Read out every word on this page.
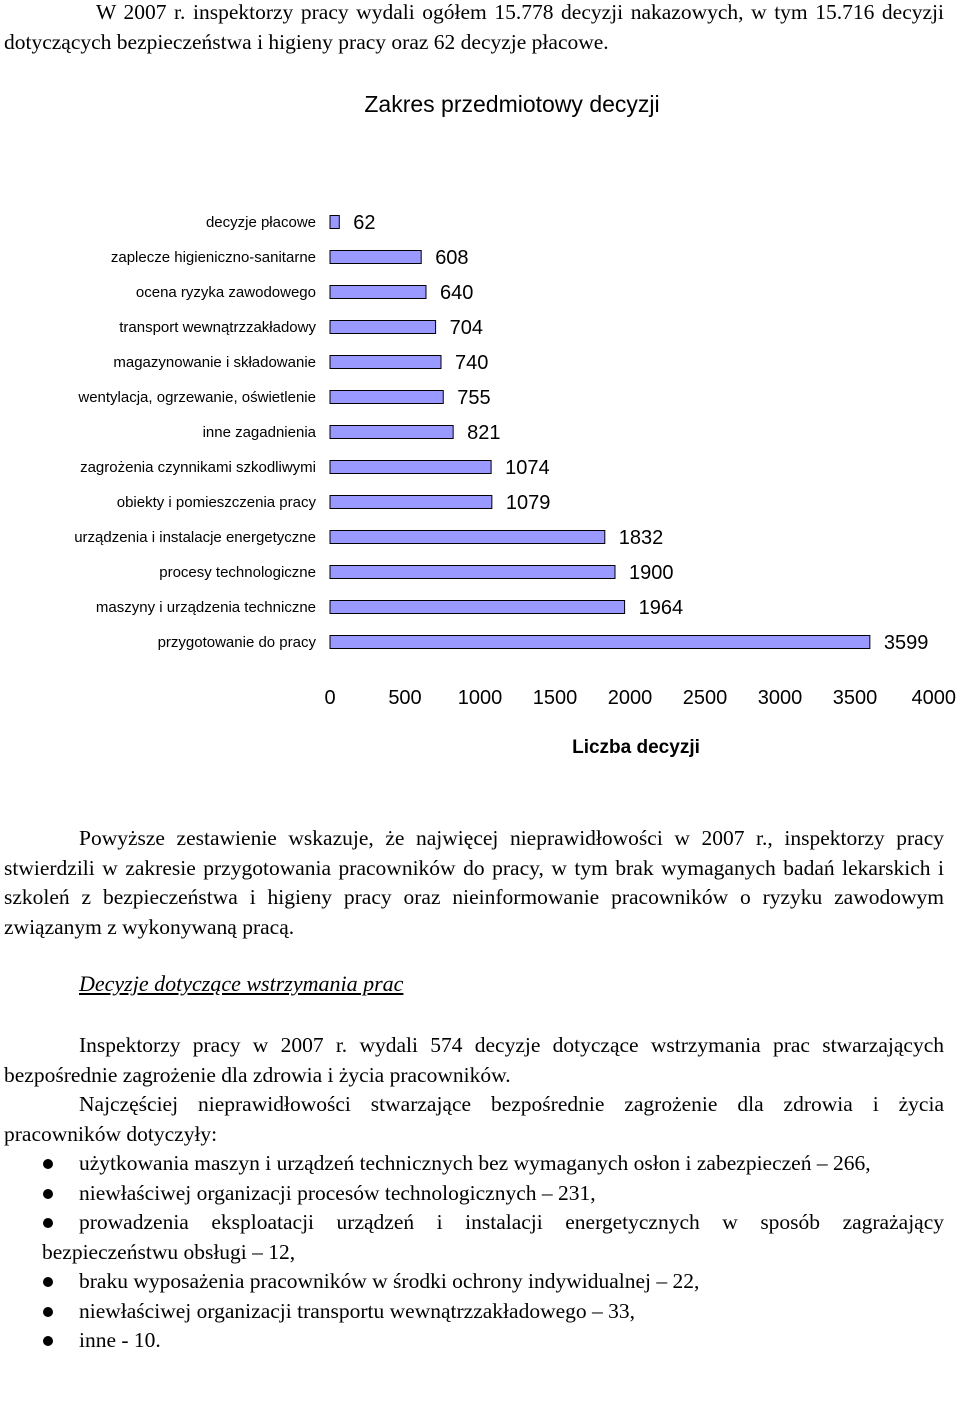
W 2007 r. inspektorzy pracy wydali ogółem 15.778 decyzji nakazowych, w tym 15.716 decyzji dotyczących bezpieczeństwa i higieny pracy oraz 62 decyzje płacowe.

Zakres przedmiotowy decyzji
decyzje płacowe
zaplecze higieniczno-sanitarne
ocena ryzyka zawodowego
transport wewnątrzzakładowy
magazynowanie i składowanie
wentylacja, ogrzewanie, oświetlenie
inne zagadnienia
zagrożenia czynnikami szkodliwymi
obiekty i pomieszczenia pracy
urządzenia i instalacje energetyczne
procesy technologiczne
maszyny i urządzenia techniczne
przygotowanie do pracy
62
608
640
704
740
755
821
1074
1079
1832
1900
1964
3599
0	500 1000 1500 2000 2500 3000 3500 4000
Liczba decyzji

Powyższe zestawienie wskazuje, że najwięcej nieprawidłowości w 2007 r., inspektorzy pracy stwierdzili w zakresie przygotowania pracowników do pracy, w tym brak wymaganych badań lekarskich i szkoleń z bezpieczeństwa i higieny pracy oraz nieinformowanie pracowników o ryzyku zawodowym związanym z wykonywaną pracą.

Decyzje dotyczące wstrzymania prac

Inspektorzy pracy w 2007 r. wydali 574 decyzje dotyczące wstrzymania prac stwarzających bezpośrednie zagrożenie dla zdrowia i życia pracowników.

Najczęściej nieprawidłowości stwarzające bezpośrednie zagrożenie dla zdrowia i życia pracowników dotyczyły:

użytkowania maszyn i urządzeń technicznych bez wymaganych osłon i zabezpieczeń – 266,
niewłaściwej organizacji procesów technologicznych – 231,
prowadzenia eksploatacji urządzeń i instalacji energetycznych w sposób zagrażający bezpieczeństwu obsługi – 12,
braku wyposażenia pracowników w środki ochrony indywidualnej – 22,
niewłaściwej organizacji transportu wewnątrzzakładowego – 33,
inne - 10.
